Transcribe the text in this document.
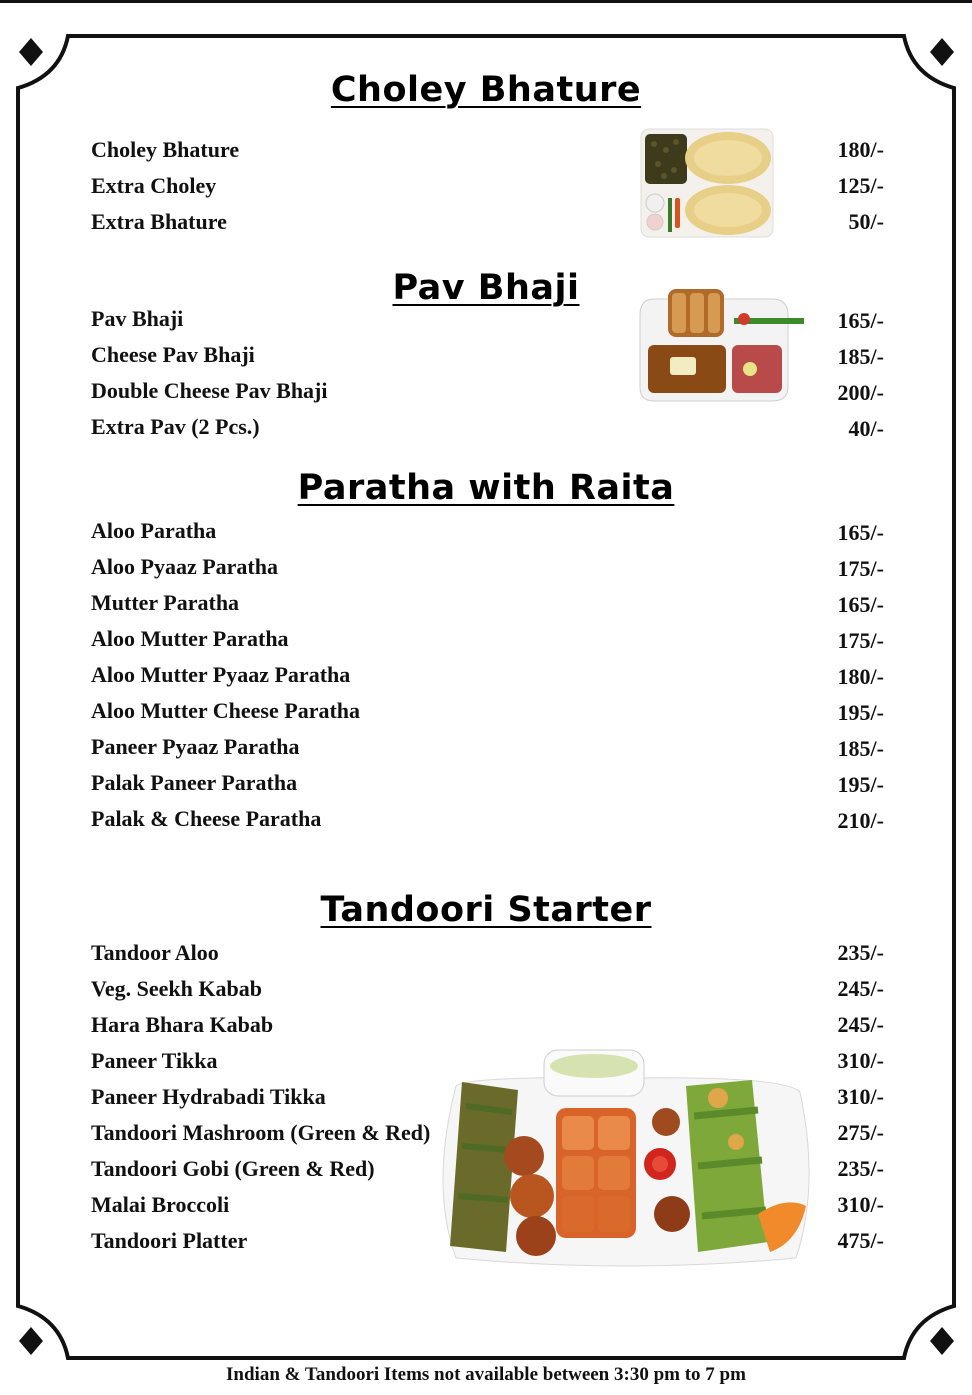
Choley Bhature
Choley Bhature	180/-
Extra Choley	125/-
Extra Bhature	50/-
Pav Bhaji
Pav Bhaji	165/-
Cheese Pav Bhaji	185/-
Double Cheese Pav Bhaji	200/-
Extra Pav (2 Pcs.)	40/-
Paratha with Raita
Aloo Paratha	165/-
Aloo Pyaaz Paratha	175/-
Mutter Paratha	165/-
Aloo Mutter Paratha	175/-
Aloo Mutter Pyaaz Paratha	180/-
Aloo Mutter Cheese Paratha	195/-
Paneer Pyaaz Paratha	185/-
Palak Paneer Paratha	195/-
Palak & Cheese Paratha	210/-
Tandoori Starter
Tandoor Aloo	235/-
Veg. Seekh Kabab	245/-
Hara Bhara Kabab	245/-
Paneer Tikka	310/-
Paneer Hydrabadi Tikka	310/-
Tandoori Mashroom (Green & Red)	275/-
Tandoori Gobi (Green & Red)	235/-
Malai Broccoli	310/-
Tandoori Platter	475/-
Indian & Tandoori Items not available between 3:30 pm to 7 pm
